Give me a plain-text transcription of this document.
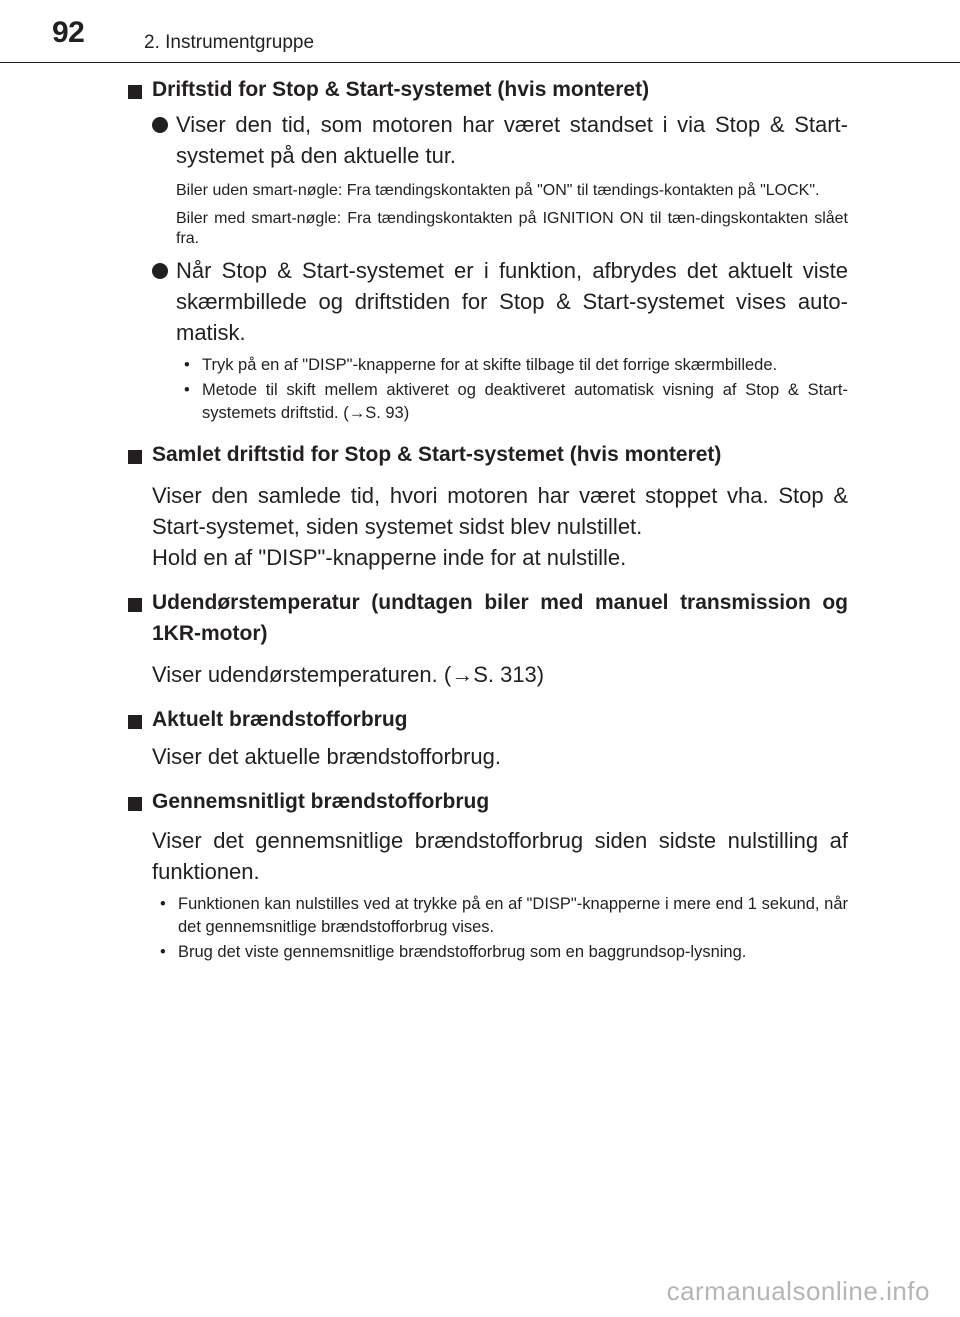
92	2. Instrumentgruppe
Driftstid for Stop & Start-systemet (hvis monteret)
Viser den tid, som motoren har været standset i via Stop & Start-systemet på den aktuelle tur.
Biler uden smart-nøgle: Fra tændingskontakten på "ON" til tændings-kontakten på "LOCK".
Biler med smart-nøgle: Fra tændingskontakten på IGNITION ON til tæn-dingskontakten slået fra.
Når Stop & Start-systemet er i funktion, afbrydes det aktuelt viste skærmbillede og driftstiden for Stop & Start-systemet vises auto-matisk.
• Tryk på en af "DISP"-knapperne for at skifte tilbage til det forrige skærmbillede.
• Metode til skift mellem aktiveret og deaktiveret automatisk visning af Stop & Start-systemets driftstid. (→S. 93)
Samlet driftstid for Stop & Start-systemet (hvis monteret)
Viser den samlede tid, hvori motoren har været stoppet vha. Stop & Start-systemet, siden systemet sidst blev nulstillet.
Hold en af "DISP"-knapperne inde for at nulstille.
Udendørstemperatur (undtagen biler med manuel transmission og 1KR-motor)
Viser udendørstemperaturen. (→S. 313)
Aktuelt brændstofforbrug
Viser det aktuelle brændstofforbrug.
Gennemsnitligt brændstofforbrug
Viser det gennemsnitlige brændstofforbrug siden sidste nulstilling af funktionen.
• Funktionen kan nulstilles ved at trykke på en af "DISP"-knapperne i mere end 1 sekund, når det gennemsnitlige brændstofforbrug vises.
• Brug det viste gennemsnitlige brændstofforbrug som en baggrundsop-lysning.
carmanualsonline.info
